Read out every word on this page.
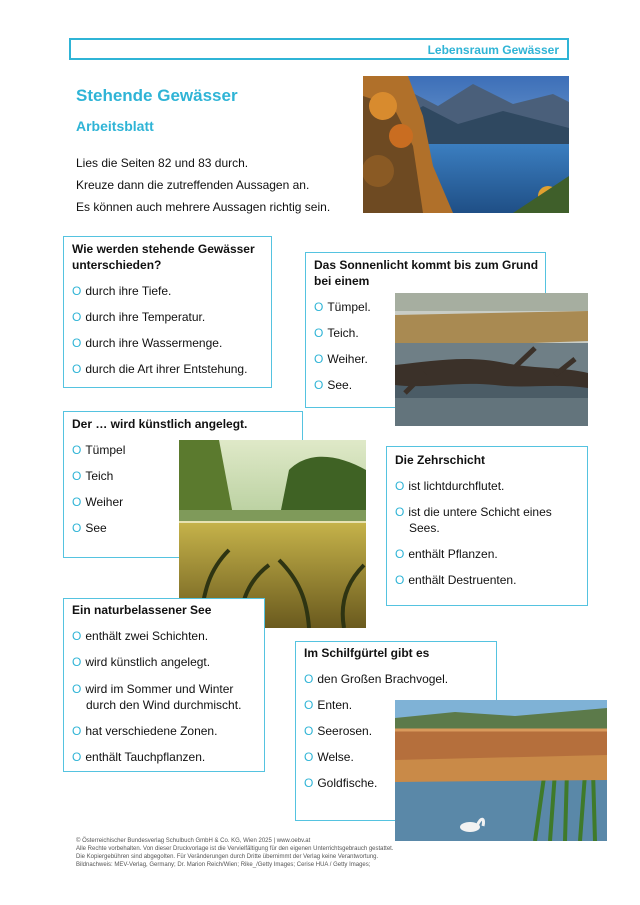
Lebensraum Gewässer
Stehende Gewässer
Arbeitsblatt
Lies die Seiten 82 und 83 durch.
Kreuze dann die zutreffenden Aussagen an.
Es können auch mehrere Aussagen richtig sein.
Wie werden stehende Gewässer
unterschieden?
O durch ihre Tiefe.
O durch ihre Temperatur.
O durch ihre Wassermenge.
O durch die Art ihrer Entstehung.
Das Sonnenlicht kommt bis zum Grund
bei einem
O Tümpel.
O Teich.
O Weiher.
O See.
Der … wird künstlich angelegt.
O Tümpel
O Teich
O Weiher
O See
Die Zehrschicht
O ist lichtdurchflutet.
O ist die untere Schicht eines
Sees.
O enthält Pflanzen.
O enthält Destruenten.
Ein naturbelassener See
O enthält zwei Schichten.
O wird künstlich angelegt.
O wird im Sommer und Winter
durch den Wind durchmischt.
O hat verschiedene Zonen.
O enthält Tauchpflanzen.
Im Schilfgürtel gibt es
O den Großen Brachvogel.
O Enten.
O Seerosen.
O Welse.
O Goldfische.
© Österreichischer Bundesverlag Schulbuch GmbH & Co. KG, Wien 2025 | www.oebv.at
Alle Rechte vorbehalten. Von dieser Druckvorlage ist die Vervielfältigung für den eigenen Unterrichtsgebrauch gestattet.
Die Kopiergebühren sind abgegolten. Für Veränderungen durch Dritte übernimmt der Verlag keine Verantwortung.
Bildnachweis: MEV-Verlag, Germany; Dr. Marion Reich/Wien; Rike_/Getty Images; Cerise HUA / Getty Images;
